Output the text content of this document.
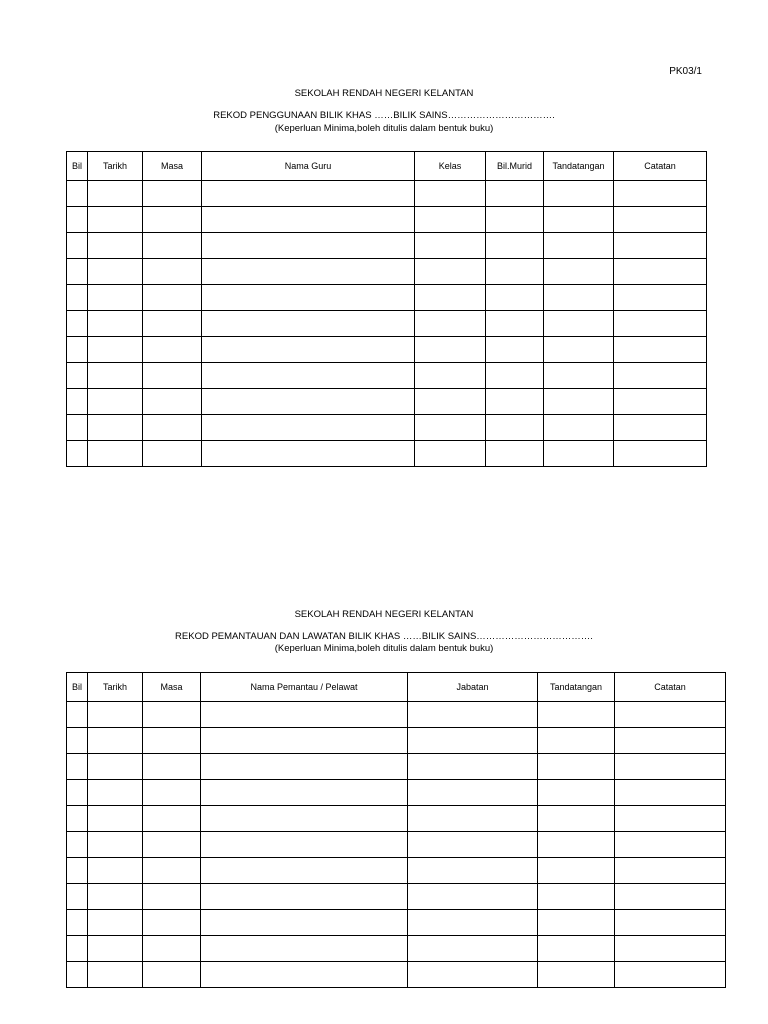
PK03/1
SEKOLAH RENDAH NEGERI KELANTAN
REKOD PENGGUNAAN BILIK KHAS ……BILIK SAINS…………………………….
(Keperluan Minima,boleh ditulis dalam bentuk buku)
Bil	Tarikh	Masa	Nama Guru	Kelas	Bil.Murid	Tandatangan	Catatan

SEKOLAH RENDAH NEGERI KELANTAN
REKOD PEMANTAUAN DAN LAWATAN BILIK KHAS ……BILIK SAINS……………………………….
(Keperluan Minima,boleh ditulis dalam bentuk buku)
Bil	Tarikh	Masa	Nama Pemantau / Pelawat	Jabatan	Tandatangan	Catatan
